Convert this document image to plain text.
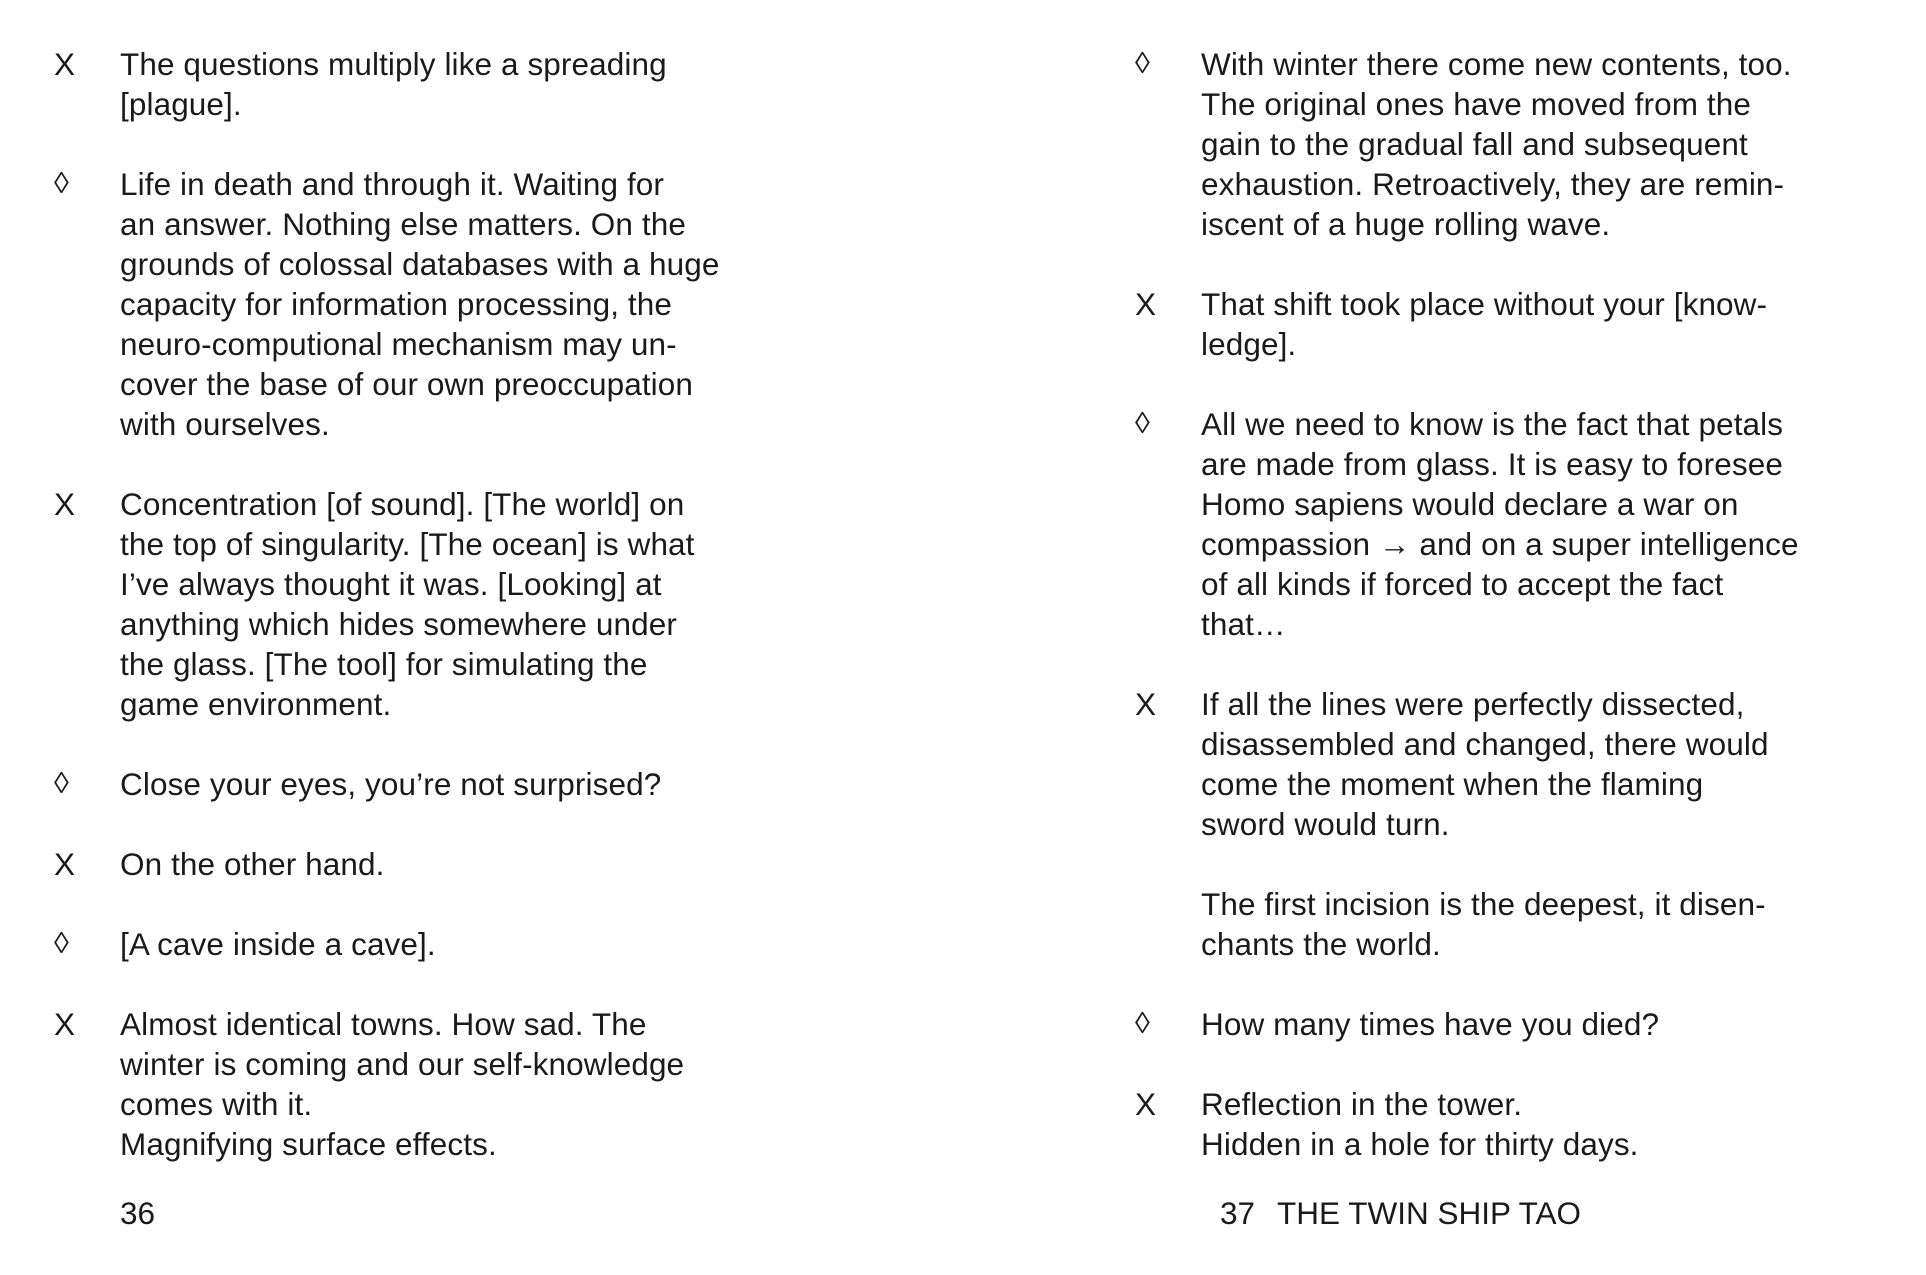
X	The questions multiply like a spreading
[plague].
◊	Life in death and through it. Waiting for
an answer. Nothing else matters. On the
grounds of colossal databases with a huge
capacity for information processing, the
neuro-computional mechanism may un-
cover the base of our own preoccupation
with ourselves.
X	Concentration [of sound]. [The world] on
the top of singularity. [The ocean] is what
I’ve always thought it was. [Looking] at
anything which hides somewhere under
the glass. [The tool] for simulating the
game environment.
◊	Close your eyes, you’re not surprised?
X	On the other hand.
◊	[A cave inside a cave].
X	Almost identical towns. How sad. The
winter is coming and our self-knowledge
comes with it.
Magnifying surface effects.
36
◊	With winter there come new contents, too.
The original ones have moved from the
gain to the gradual fall and subsequent
exhaustion. Retroactively, they are remin-
iscent of a huge rolling wave.
X	That shift took place without your [know-
ledge].
◊	All we need to know is the fact that petals
are made from glass. It is easy to foresee
Homo sapiens would declare a war on
compassion → and on a super intelligence
of all kinds if forced to accept the fact
that…
X	If all the lines were perfectly dissected,
disassembled and changed, there would
come the moment when the flaming
sword would turn.
The first incision is the deepest, it disen-
chants the world.
◊	How many times have you died?
X	Reflection in the tower.
Hidden in a hole for thirty days.
37 THE TWIN SHIP TAO
